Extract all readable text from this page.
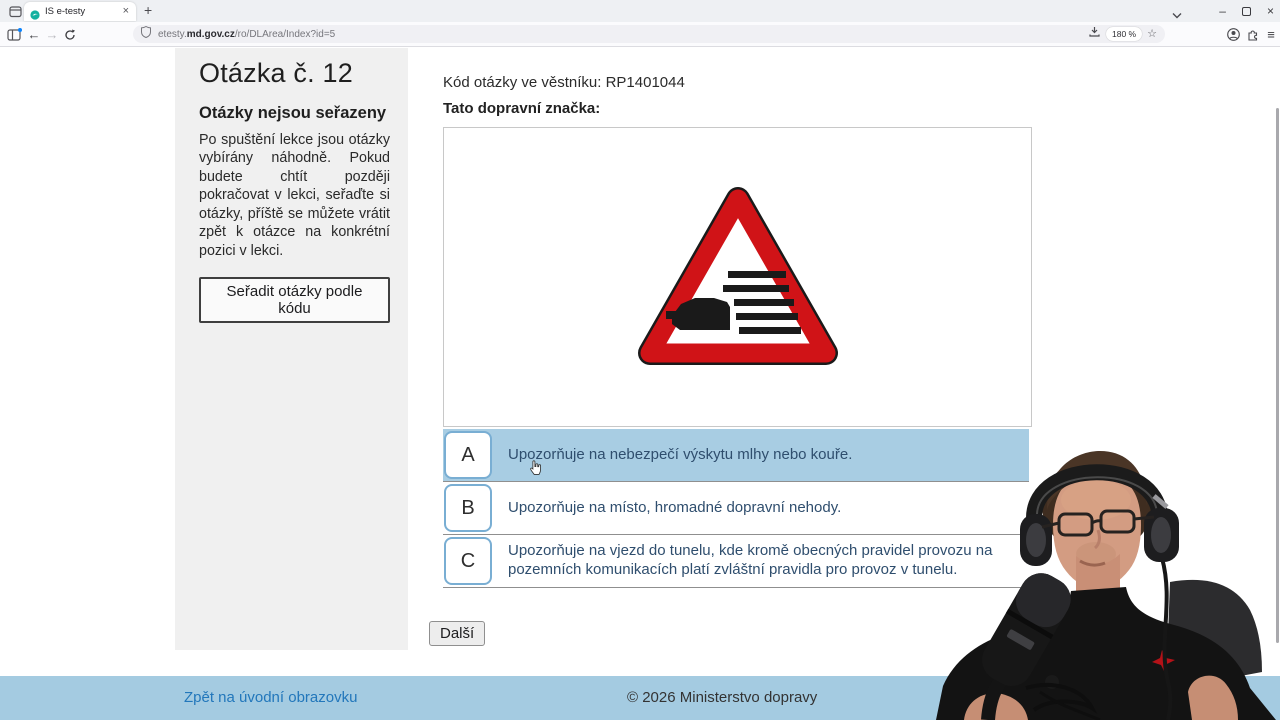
IS e-testy	× +	–	×
← →	etesty.md.gov.cz/ro/DLArea/Index?id=5	180 %	☆	≡
Otázka č. 12
Otázky nejsou seřazeny
Po spuštění lekce jsou otázky vybírány náhodně. Pokud budete chtít později pokračovat v lekci, seřaďte si otázky, příště se můžete vrátit zpět k otázce na konkrétní pozici v lekci.
Seřadit otázky podle kódu
Kód otázky ve věstníku: RP1401044
Tato dopravní značka:
A	Upozorňuje na nebezpečí výskytu mlhy nebo kouře.
B	Upozorňuje na místo, hromadné dopravní nehody.
C	Upozorňuje na vjezd do tunelu, kde kromě obecných pravidel provozu na pozemních komunikacích platí zvláštní pravidla pro provoz v tunelu.
Další
Zpět na úvodní obrazovku	© 2026 Ministerstvo dopravy
